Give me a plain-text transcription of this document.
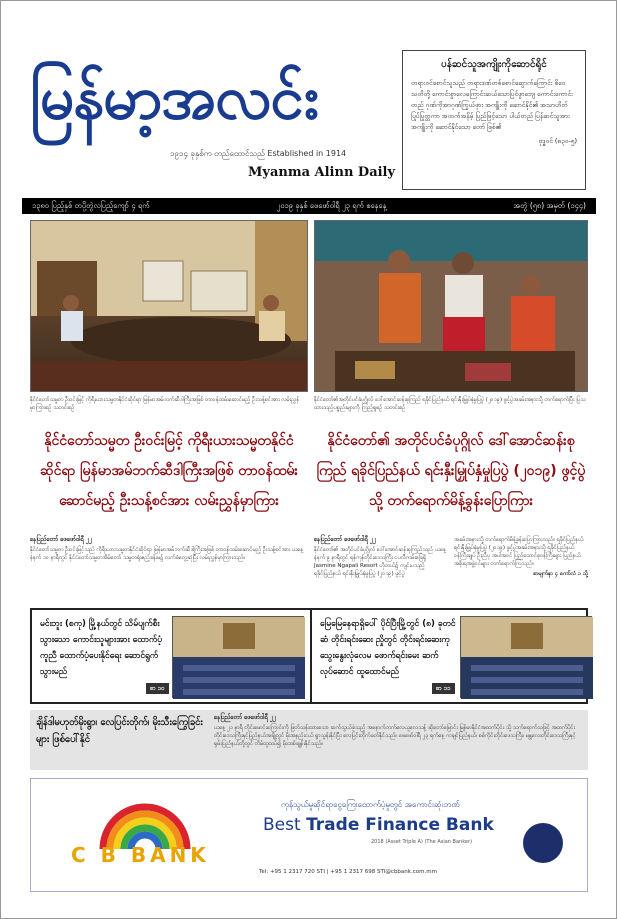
မြန်မာ့အလင်း
၁၉၁၄ ခုနှစ်က တည်ထောင်သည် Established in 1914
Myanma Alinn Daily
ပန်ဆင်သူအကျိုးကိုဆောင်ရိုင်
တရားဝင်စောင်သူသည် တရားဒဏ်တစ်စောင်ဆွောက်ကြောင်း စိဝေ သတိတို့ ကောင်းစွာလေကြောင်းဆယ်သောပြင်ဖွာဘျေ ကောင်းကောင်း တည် ဂုဏ်ကိုအာဂုဏ်ကြွယ်ဖှား အကျိုးကို ဆောင်နိုင်၏ အသာဟိတ် ပြုပ်ပြုတ္တကာ အထက်အနိမ့် ပြည်ဖြင့်သော ပါယ်တည် ပြန်ဆင်သူအား အကျိုးကို ဆောင်နိုင်သော တော် ဖြစ်၏
ဗုဒ္ဓဝင် (၈၃၀-၅)
၁၃၈၀ ပြည့်နှစ် တပို့တွဲလပြည့်ကျော် ၄ ရက်	၂၀၁၉ ခုနှစ် ဖေဖော်ဝါရီ ၂၃ ရက် စနေနေ့	အတွဲ (၅၈) အမှတ် (၁၄၄)
နိုင်ငံတော်သမ္မတ ဦးဝင်းမြင့် ကိုရီးယားသမ္မတနိုင်ငံဆိုင်ရာ မြန်မာအမ်ဘက်ဆီဒါကြီးအဖြစ် တာဝန်ထမ်းဆောင်မည့် ဦးသန့်စင်အား လမ်းညွှန်မှာကြားစဉ် သတင်းစဉ်
နိုင်ငံတော်သမ္မတ ဦးဝင်းမြင့် ကိုရီးယားသမ္မတနိုင်ငံဆိုင်ရာ မြန်မာအမ်ဘက်ဆီဒါကြီးအဖြစ် တာဝန်ထမ်းဆောင်မည့် ဦးသန့်စင်အား လမ်းညွှန်မှာကြား
နေပြည်တော် ဖေဖော်ဝါရီ ၂၂
နိုင်ငံတော်သမ္မတ ဦးဝင်းမြင့်သည် ကိုရီးယားသမ္မတနိုင်ငံဆိုင်ရာ မြန်မာအမ်ဘက်ဆီဒါကြီးအဖြစ် တာဝန်ထမ်းဆောင်မည့် ဦးသန့်စင်အား ယနေ့နံနက် ၁၀ နာရီတွင် နိုင်ငံတော်သမ္မတအိမ်တော် သမ္မတရုံးဧည့်ခန်းမ၌ လက်ခံတွေ့ဆုံပြီး လမ်းညွှန်မှာကြားသည်။
နိုင်ငံတော်၏အတိုင်ပင်ခံပုဂ္ဂိုလ် ဒေါ်အောင်ဆန်းစုကြည် ရခိုင်ပြည်နယ် ရင်းနှီးမြှုပ်နှံမှုပြပွဲ (၂၀၁၉) ဖွင့်ပွဲအခမ်းအနားသို့ တက်ရောက်ပြီး ပြသထားသည့်ပစ္စည်းများကို ကြည့်ရှုစဉ် သတင်းစဉ်
နိုင်ငံတော်၏ အတိုင်ပင်ခံပုဂ္ဂိုလ် ဒေါ်အောင်ဆန်းစုကြည် ရခိုင်ပြည်နယ် ရင်းနှီးမြှုပ်နှံမှုပြပွဲ (၂၀၁၉) ဖွင့်ပွဲသို့ တက်ရောက်မိန့်ခွန်းပြောကြား
နေပြည်တော် ဖေဖော်ဝါရီ ၂၂
နိုင်ငံတော်၏ အတိုင်ပင်ခံပုဂ္ဂိုလ် ဒေါ်အောင်ဆန်းစုကြည်သည် ယနေ့နံနက် ၉ နာရီတွင် ရန်ကုန်တိုင်းဒေသကြီး ငပလီကမ်းခြေရှိ Jasmine Ngapali Resort ဟိုတယ်၌ ကျင်းပသည့် ရခိုင်ပြည်နယ် ရင်းနှီးမြှုပ်နှံမှုပြပွဲ (၂၀၁၉) ဖွင့်ပွဲ
အခမ်းအနားသို့ တက်ရောက်မိန့်ခွန်းပြောကြားသည်။ ရခိုင်ပြည်နယ် ရင်းနှီးမြှုပ်နှံမှုပြပွဲ (၂၀၁၉) ဖွင့်ပွဲအခမ်းအနားသို့ ရခိုင်ပြည်နယ်ဝန်ကြီးချုပ် ဦးညီပု အပါအဝင် ပြည်ထောင်စုဝန်ကြီးများ ပြည်နယ်အစိုးရအဖွဲ့ဝင်များ တက်ရောက်ကြသည်။
စာမျက်နှာ ၄ ကော်လံ ၁ သို့
မင်းဘူး (စကု) မြို့နယ်တွင် သိမ်ပျက်စီးသွားသော ကောင်းသူများအား ထောက်ပံ့ကူညီ ထောက်ပံ့ပေးနိုင်ရေး ဆောင်ရွက်သွားမည်
စာ ၁၀
မြေမြေနေရာရှိပေါ် ပိုင်ပြီးမြို့တွင် (၈) ခုတင်ဆံ တိုင်းရင်းဆေး ညှိုတွင် တိုင်းရင်းဆေးကုသွေးနွေးလုံလေမ ဖောက်ရင်းမေး ဆက်လုပ်ဆောင် ထူထောင်မည်
စာ ၁၁
ချိန်ဒါမဟုတ်မိုးရွာ၊ လေပြင်းတိုက်၊ မိုးသီးကြွေခြင်းများ ဖြစ်ပေါ်နိုင်
နေပြည်တော် ဖေဖော်ဝါရီ ၂၂
ယနေ့ ၂၁ နာရီ တိုင်းမောင်းကြောင်းကို ဖြတ်သန်းထားသော ဆက်သွယ်ခဲ့သည့် အနောက်ဘက်လေယူလေသန့် ဆိုတော်မြောင်း မြန်မာနိုင်ငံအထက်ပိုင်း သို့ သက်ရောက်သဖြင့် အထက်ပိုင်းတိုင်းဒေသကြီးနှင့်ပြည်နယ်အချို့တွင် မိုးအနည်းငယ် ရွာသွန်းနိုင်ပြီး လေပြင်းတိုက်ခတ်နိုင်သည်။ ဖေဖော်ဝါရီ ၂၃ ရက်နေ့ ကချင်ပြည်နယ်၊ စစ်ကိုင်းတိုင်းဒေသကြီး၊ မန္တလေးတိုင်းဒေသကြီးနှင့် ရှမ်းပြည်နယ်တို့တွင် တိမ်ထူထပ်၍ မိုးထစ်ချုန်းနိုင်သည်။
C B BANK
ကုန်သွယ်မှုဆိုင်ရာငွေကြေးထောက်ပံ့မှုတွင် အကောင်းဆုံးဘဏ်
Best Trade Finance Bank
2018 (Asset Triple A) (The Asian Banker)
Tel: +95 1 2317 720 STI | +95 1 2317 698 STI@cbbank.com.mm
